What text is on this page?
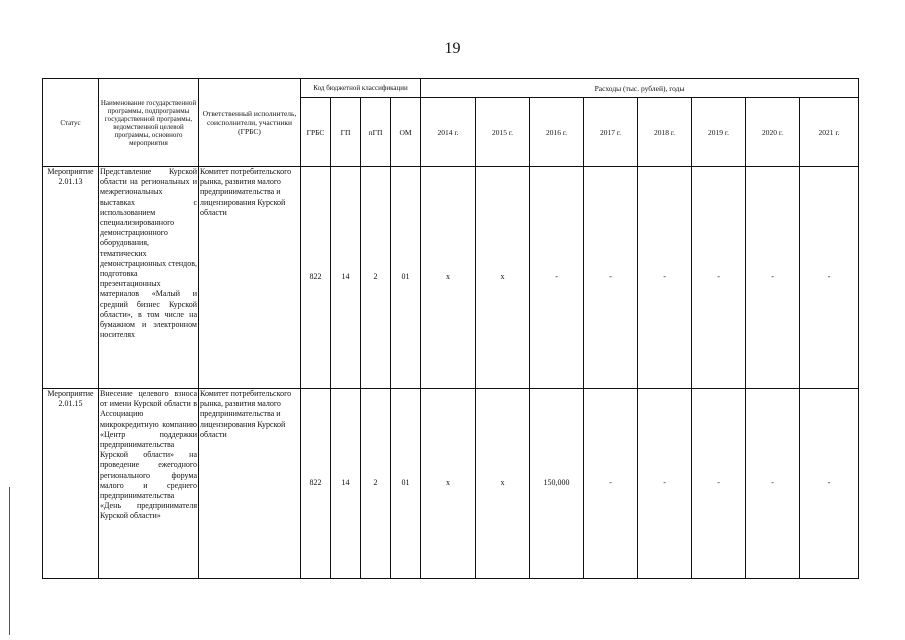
19
Статус	Наименование государственной программы, подпрограммы государственной программы, ведомственной целевой программы, основного мероприятия	Ответственный исполнитель, соисполнители, участники (ГРБС)	Код бюджетной классификации				Расходы (тыс. рублей), годы							
			ГРБС	ГП	пГП	ОМ	2014 г.	2015 г.	2016 г.	2017 г.	2018 г.	2019 г.	2020 г.	2021 г.
Мероприятие 2.01.13	Представление Курской области на региональных и межрегиональных выставках с использованием специализированного демонстрационного оборудования, тематических демонстрационных стендов, подготовка презентационных материалов «Малый и средний бизнес Курской области», в том числе на бумажном и электронном носителях	Комитет потребительского рынка, развития малого предпринимательства и лицензирования Курской области	822	14	2	01	х	х	-	-	-	-	-	-
Мероприятие 2.01.15	Внесение целевого взноса от имени Курской области в Ассоциацию микрокредитную компанию «Центр поддержки предпринимательства Курской области» на проведение ежегодного регионального форума малого и среднего предпринимательства «День предпринимателя Курской области»	Комитет потребительского рынка, развития малого предпринимательства и лицензирования Курской области	822	14	2	01	х	х	150,000	-	-	-	-	-
